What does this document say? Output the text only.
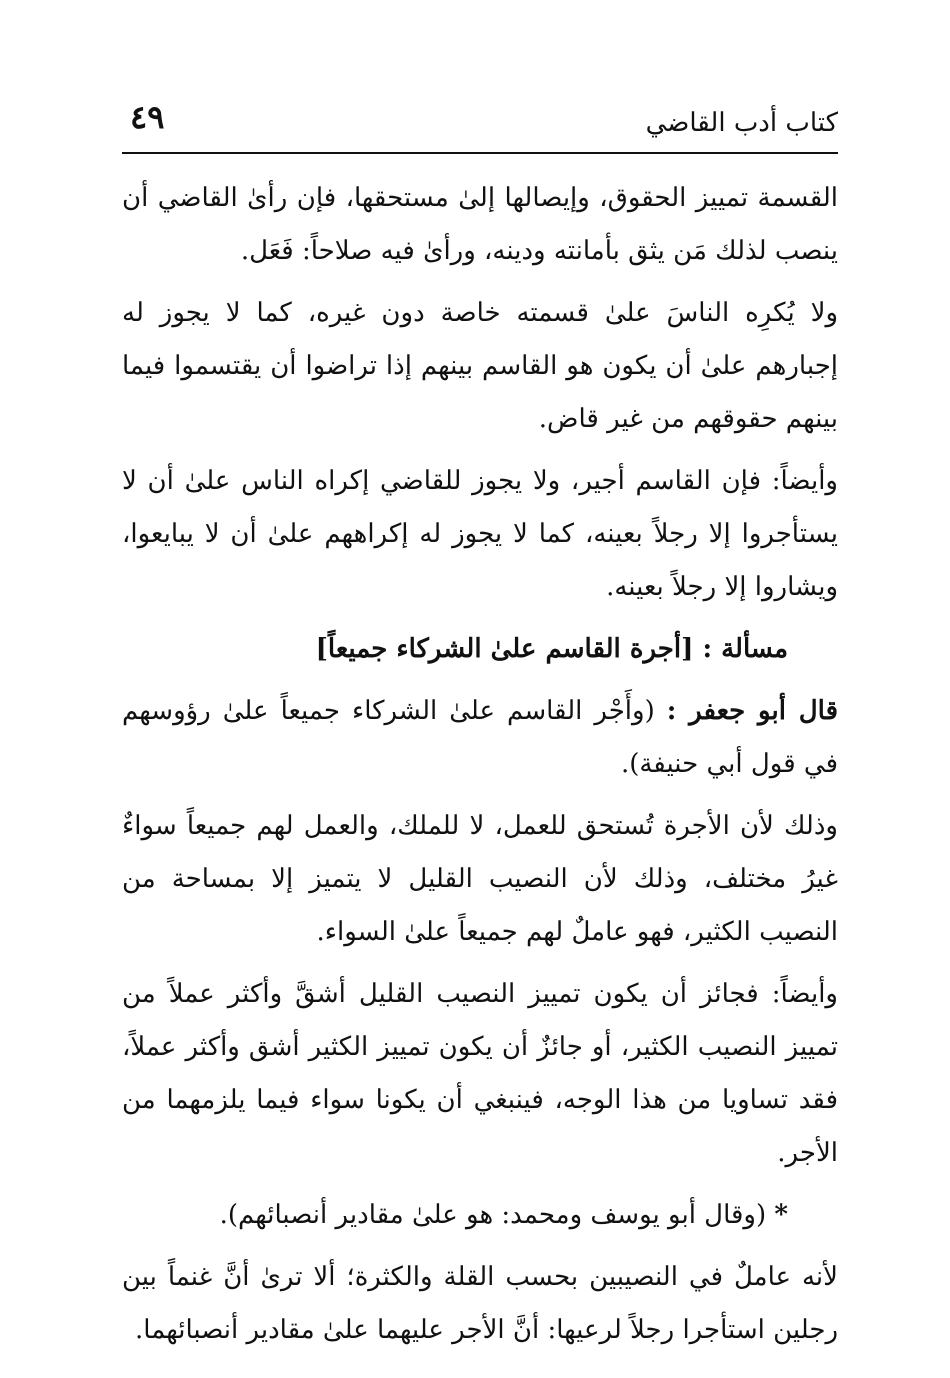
كتاب أدب القاضي
٤٩

القسمة تمييز الحقوق، وإيصالها إلىٰ مستحقها، فإن رأىٰ القاضي أن ينصب لذلك مَن يثق بأمانته ودينه، ورأىٰ فيه صلاحاً: فَعَل.

ولا يُكرِه الناسَ علىٰ قسمته خاصة دون غيره، كما لا يجوز له إجبارهم علىٰ أن يكون هو القاسم بينهم إذا تراضوا أن يقتسموا فيما بينهم حقوقهم من غير قاض.

وأيضاً: فإن القاسم أجير، ولا يجوز للقاضي إكراه الناس علىٰ أن لا يستأجروا إلا رجلاً بعينه، كما لا يجوز له إكراههم علىٰ أن لا يبايعوا، ويشاروا إلا رجلاً بعينه.

مسألة : [أجرة القاسم علىٰ الشركاء جميعاً]

قال أبو جعفر : (وأَجْر القاسم علىٰ الشركاء جميعاً علىٰ رؤوسهم في قول أبي حنيفة).

وذلك لأن الأجرة تُستحق للعمل، لا للملك، والعمل لهم جميعاً سواءٌ غيرُ مختلف، وذلك لأن النصيب القليل لا يتميز إلا بمساحة من النصيب الكثير، فهو عاملٌ لهم جميعاً علىٰ السواء.

وأيضاً: فجائز أن يكون تمييز النصيب القليل أشقَّ وأكثر عملاً من تمييز النصيب الكثير، أو جائزٌ أن يكون تمييز الكثير أشق وأكثر عملاً، فقد تساويا من هذا الوجه، فينبغي أن يكونا سواء فيما يلزمهما من الأجر.

* (وقال أبو يوسف ومحمد: هو علىٰ مقادير أنصبائهم).

لأنه عاملٌ في النصيبين بحسب القلة والكثرة؛ ألا ترىٰ أنَّ غنماً بين رجلين استأجرا رجلاً لرعيها: أنَّ الأجر عليهما علىٰ مقادير أنصبائهما.
